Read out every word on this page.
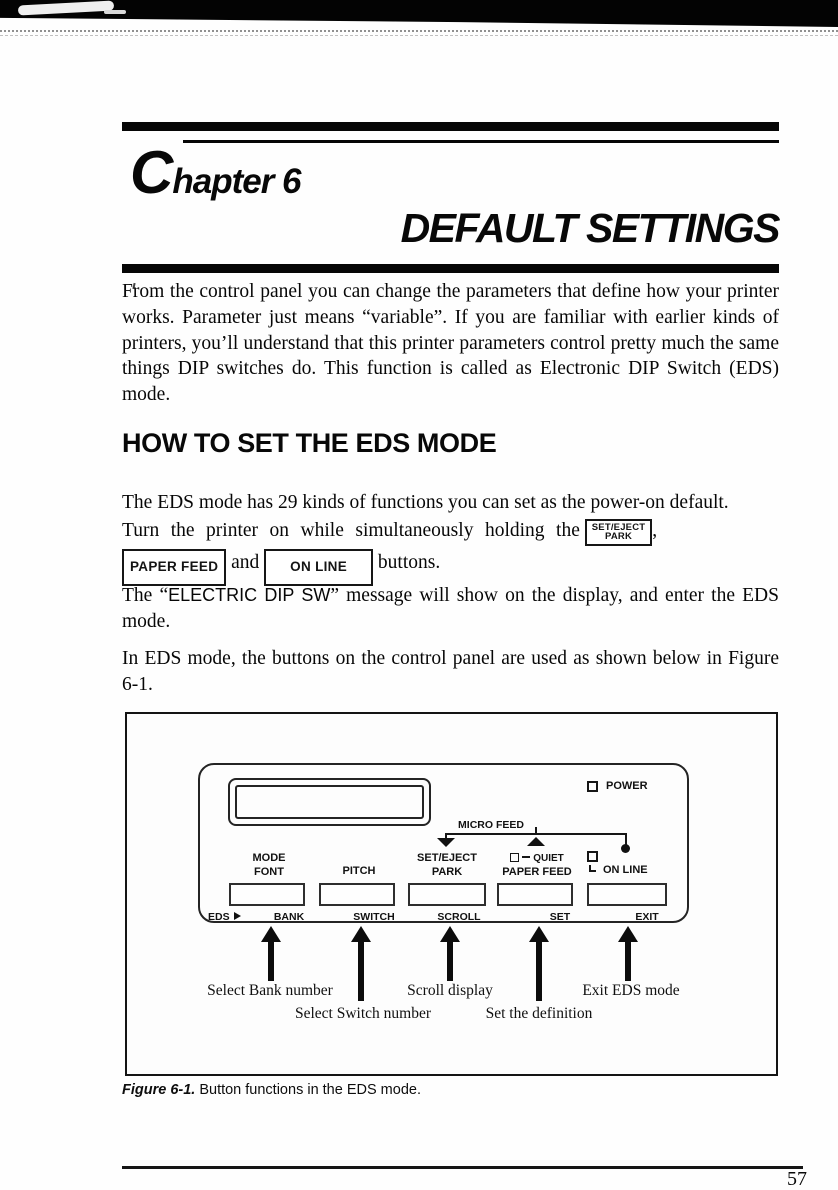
Chapter 6
DEFAULT SETTINGS

From the control panel you can change the parameters that define how your printer works. Parameter just means “variable”. If you are familiar with earlier kinds of printers, you’ll understand that this printer parameters control pretty much the same things DIP switches do. This function is called as Electronic DIP Switch (EDS) mode.

HOW TO SET THE EDS MODE

The EDS mode has 29 kinds of functions you can set as the power-on default.

Turn the printer on while simultaneously holding the SET/EJECT
PARK	,
PAPER FEED and ON LINE buttons.

The “ELECTRIC DIP SW” message will show on the display, and enter the EDS mode.

In EDS mode, the buttons on the control panel are used as shown below in Figure 6-1.

POWER
MICRO FEED
MODE
FONT	PITCH
SET/EJECT
PARK
QUIET
PAPER FEED	ON LINE
EDS	BANK	SWITCH	SCROLL	SET	EXIT
Select Bank number
Select Switch number
Scroll display
Set the definition
Exit EDS mode
Figure 6-1. Button functions in the EDS mode.
57
